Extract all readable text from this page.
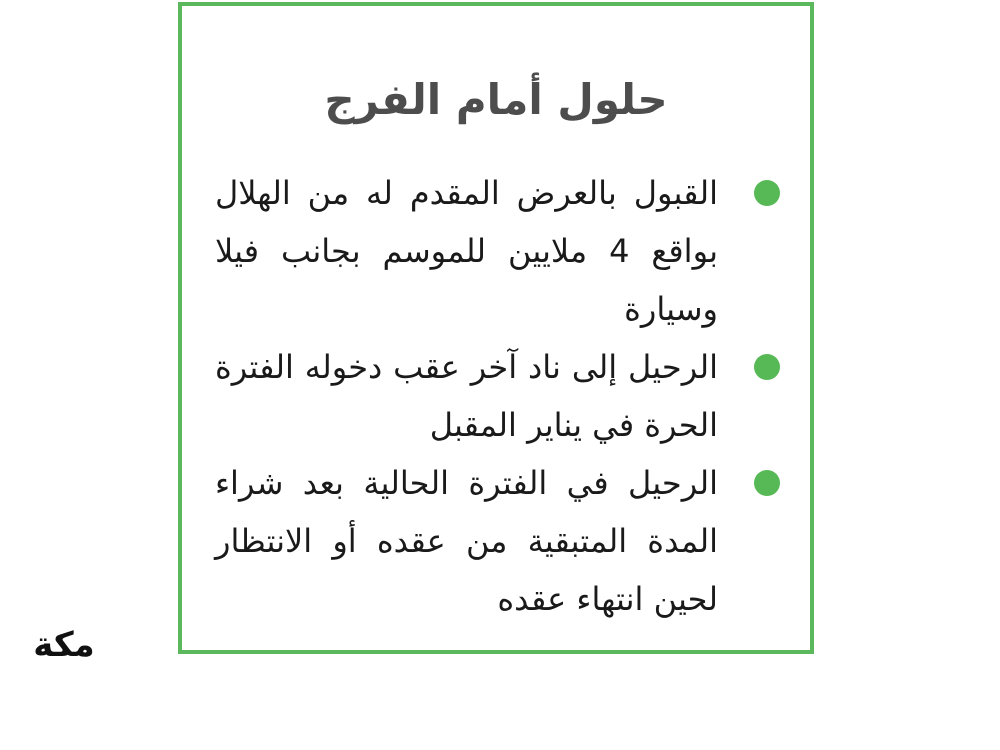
حلول أمام الفرج
القبول بالعرض المقدم له من الهلال بواقع 4 ملايين للموسم بجانب فيلا وسيارة
الرحيل إلى ناد آخر عقب دخوله الفترة الحرة في يناير المقبل
الرحيل في الفترة الحالية بعد شراء المدة المتبقية من عقده أو الانتظار لحين انتهاء عقده
مكة
